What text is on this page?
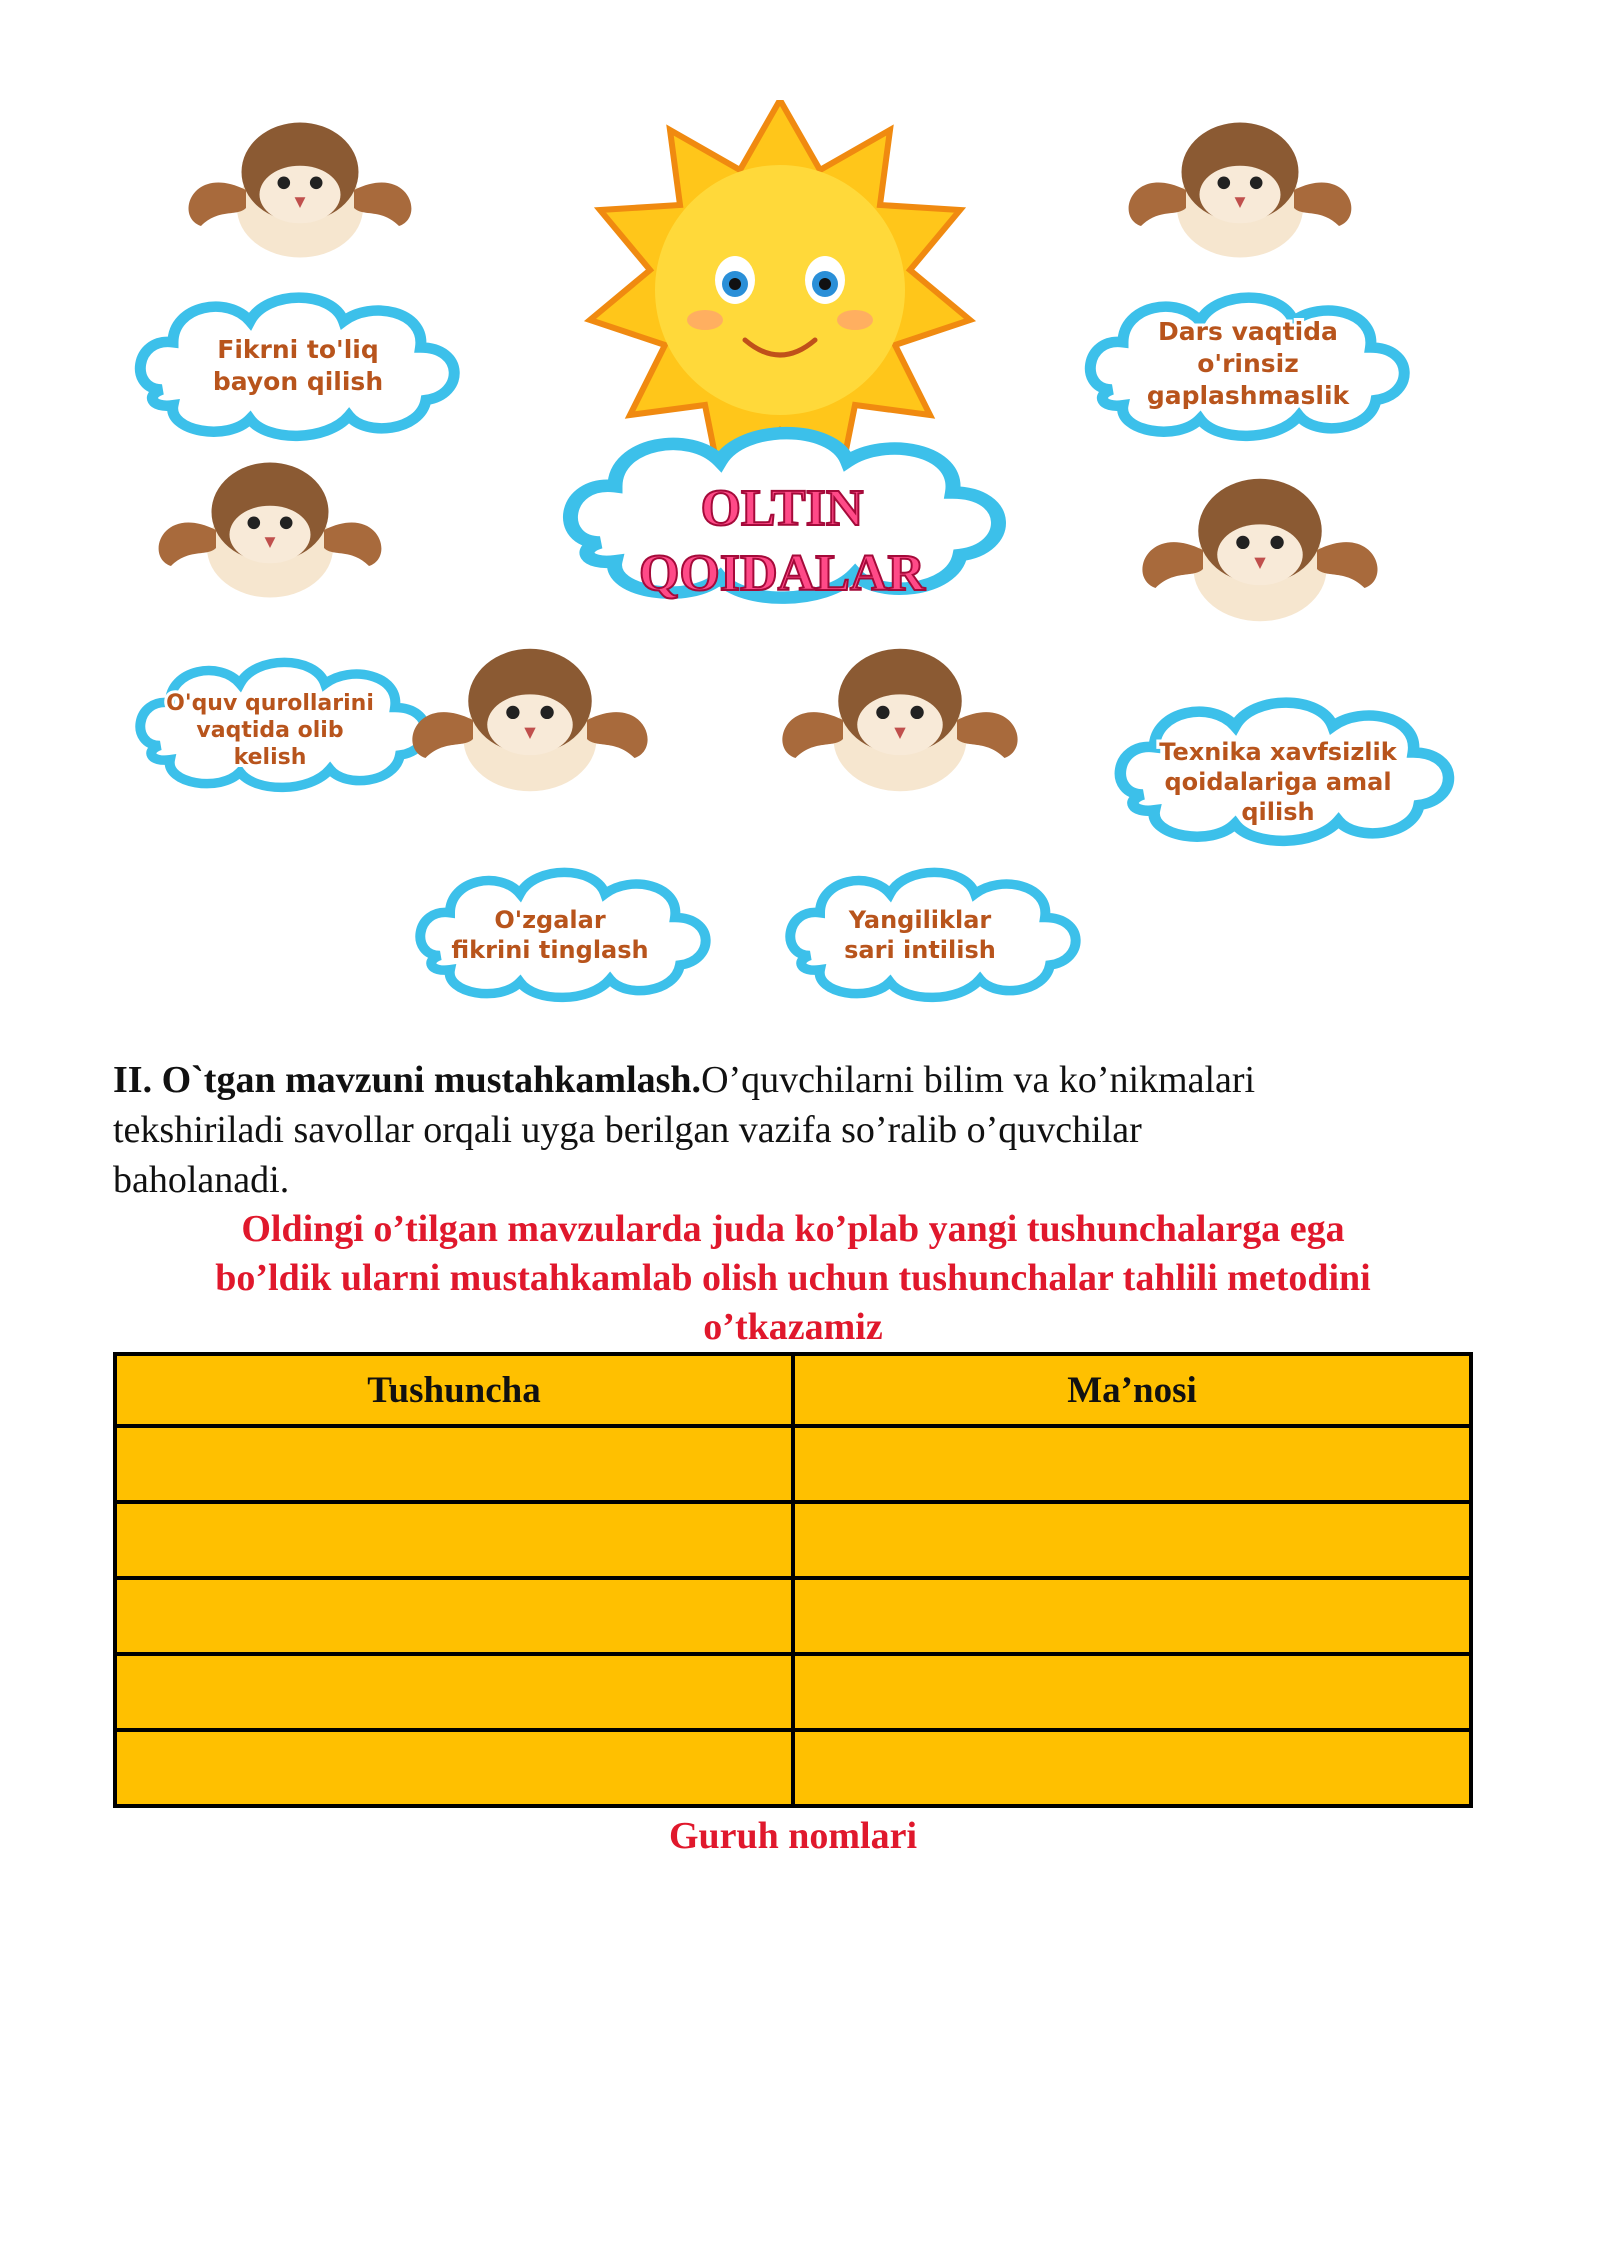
OLTIN
QOIDALAR
Fikrni to'liq
bayon qilish
Dars vaqtida
o'rinsiz
gaplashmaslik
O'quv qurollarini
vaqtida olib
kelish	Texnika xavfsizlik
qoidalariga amal
qilish
O'zgalar
fikrini tinglash
Yangiliklar
sari intilish

II. O`tgan mavzuni mustahkamlash.O’quvchilarni bilim va ko’nikmalari
tekshiriladi savollar orqali uyga berilgan vazifa so’ralib o’quvchilar
baholanadi.

Oldingi o’tilgan mavzularda juda ko’plab yangi tushunchalarga ega
bo’ldik ularni mustahkamlab olish uchun tushunchalar tahlili metodini
o’tkazamiz

Tushuncha	Ma’nosi

Guruh nomlari
